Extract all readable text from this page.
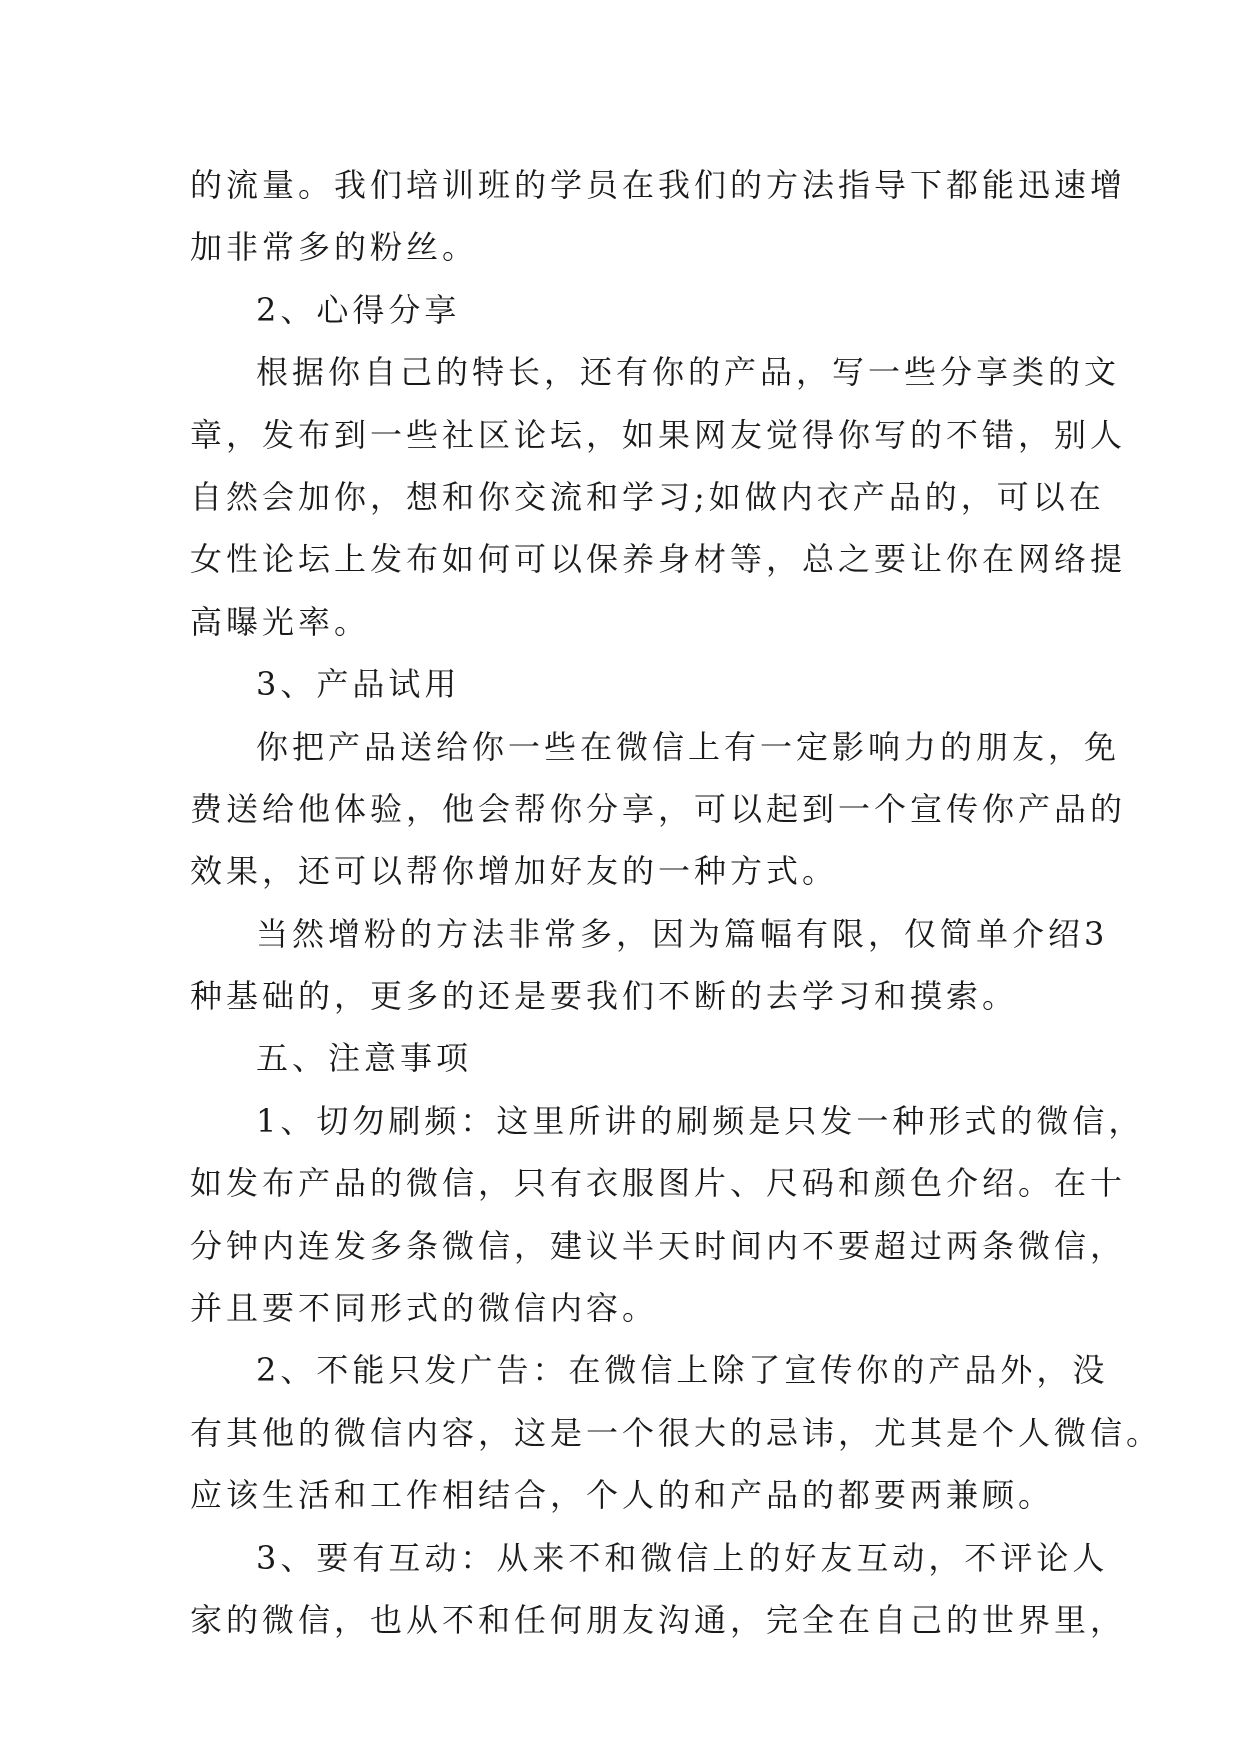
的流量。我们培训班的学员在我们的方法指导下都能迅速增
加非常多的粉丝。
2、心得分享
根据你自己的特长，还有你的产品，写一些分享类的文
章，发布到一些社区论坛，如果网友觉得你写的不错，别人
自然会加你，想和你交流和学习;如做内衣产品的，可以在
女性论坛上发布如何可以保养身材等，总之要让你在网络提
高曝光率。
3、产品试用
你把产品送给你一些在微信上有一定影响力的朋友，免
费送给他体验，他会帮你分享，可以起到一个宣传你产品的
效果，还可以帮你增加好友的一种方式。
当然增粉的方法非常多，因为篇幅有限，仅简单介绍3
种基础的，更多的还是要我们不断的去学习和摸索。
五、注意事项
1、切勿刷频：这里所讲的刷频是只发一种形式的微信，
如发布产品的微信，只有衣服图片、尺码和颜色介绍。在十
分钟内连发多条微信，建议半天时间内不要超过两条微信，
并且要不同形式的微信内容。
2、不能只发广告：在微信上除了宣传你的产品外，没
有其他的微信内容，这是一个很大的忌讳，尤其是个人微信。
应该生活和工作相结合，个人的和产品的都要两兼顾。
3、要有互动：从来不和微信上的好友互动，不评论人
家的微信，也从不和任何朋友沟通，完全在自己的世界里，
